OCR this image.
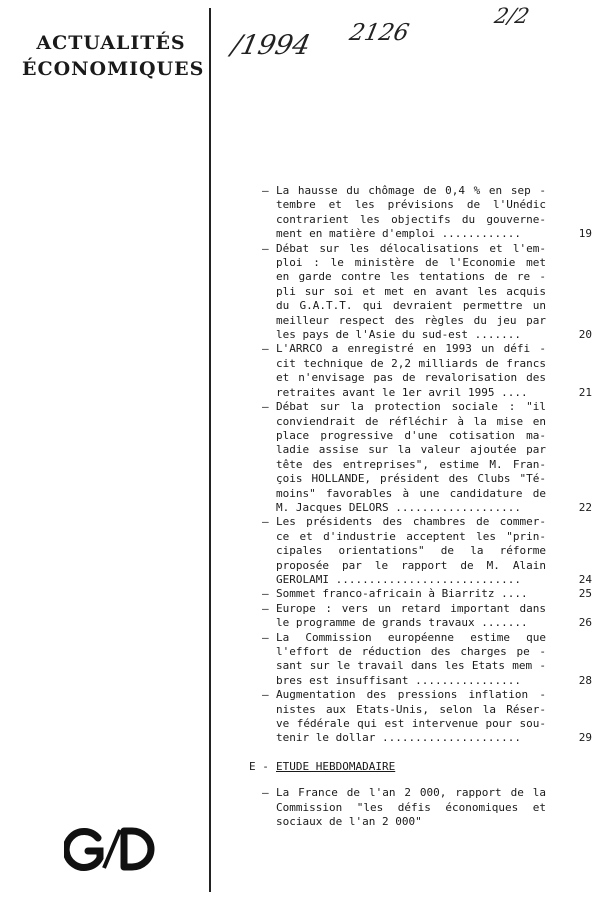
ACTUALITÉS
ÉCONOMIQUES
/1994 2126
2/2
– La hausse du chômage de 0,4 % en sep -
tembre et les prévisions de l'Unédic
contrarient les objectifs du gouverne-
ment en matière d'emploi ............	19
– Débat sur les délocalisations et l'em-
ploi : le ministère de l'Economie met
en garde contre les tentations de re -
pli sur soi et met en avant les acquis
du G.A.T.T. qui devraient permettre un
meilleur respect des règles du jeu par
les pays de l'Asie du sud-est .......	20
– L'ARRCO a enregistré en 1993 un défi -
cit technique de 2,2 milliards de francs
et n'envisage pas de revalorisation des
retraites avant le 1er avril 1995 ....	21
– Débat sur la protection sociale : "il
conviendrait de réfléchir à la mise en
place progressive d'une cotisation ma-
ladie assise sur la valeur ajoutée par
tête des entreprises", estime M. Fran-
çois HOLLANDE, président des Clubs "Té-
moins" favorables à une candidature de
M. Jacques DELORS ...................	22
– Les présidents des chambres de commer-
ce et d'industrie acceptent les "prin-
cipales orientations" de la réforme
proposée par le rapport de M. Alain
GEROLAMI ............................	24
– Sommet franco-africain à Biarritz ....	25
– Europe : vers un retard important dans
le programme de grands travaux .......	26
– La Commission européenne estime que
l'effort de réduction des charges pe -
sant sur le travail dans les Etats mem -
bres est insuffisant ................	28
– Augmentation des pressions inflation -
nistes aux Etats-Unis, selon la Réser-
ve fédérale qui est intervenue pour sou-
tenir le dollar .....................	29
E - ETUDE HEBDOMADAIRE
– La France de l'an 2 000, rapport de la
Commission "les défis économiques et
sociaux de l'an 2 000"
